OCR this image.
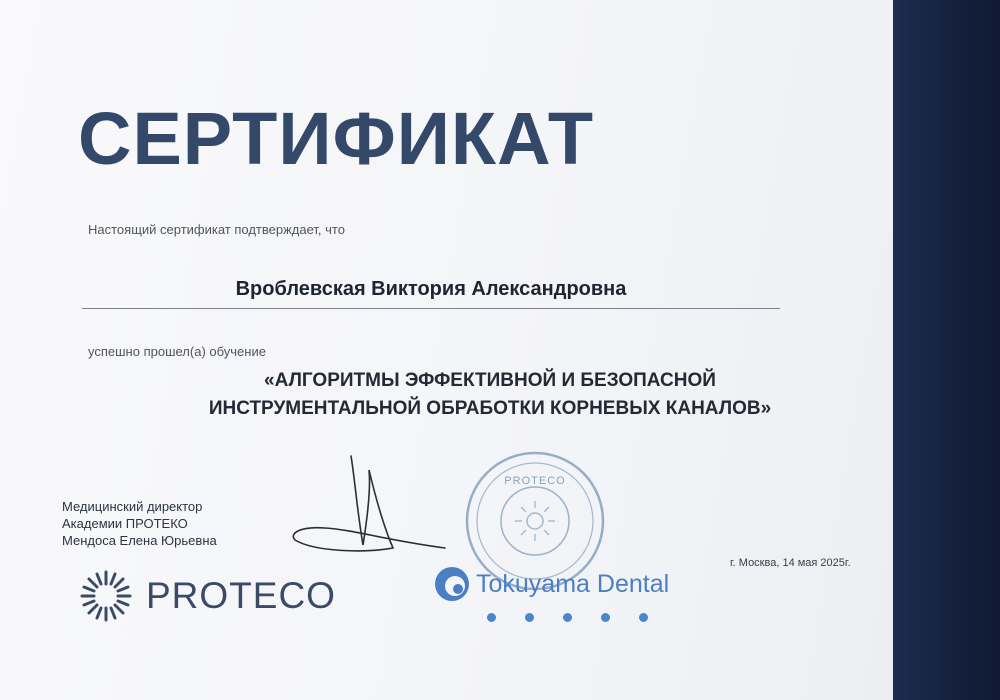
СЕРТИФИКАТ
Настоящий сертификат подтверждает, что
Вроблевская Виктория Александровна
успешно прошел(а) обучение
«АЛГОРИТМЫ ЭФФЕКТИВНОЙ И БЕЗОПАСНОЙ
ИНСТРУМЕНТАЛЬНОЙ ОБРАБОТКИ КОРНЕВЫХ КАНАЛОВ»
Медицинский директор
Академии ПРОТЕКО
Мендоса Елена Юрьевна
PROTECO
г. Москва, 14 мая 2025г.
PROTECO	Tokuyama Dental
